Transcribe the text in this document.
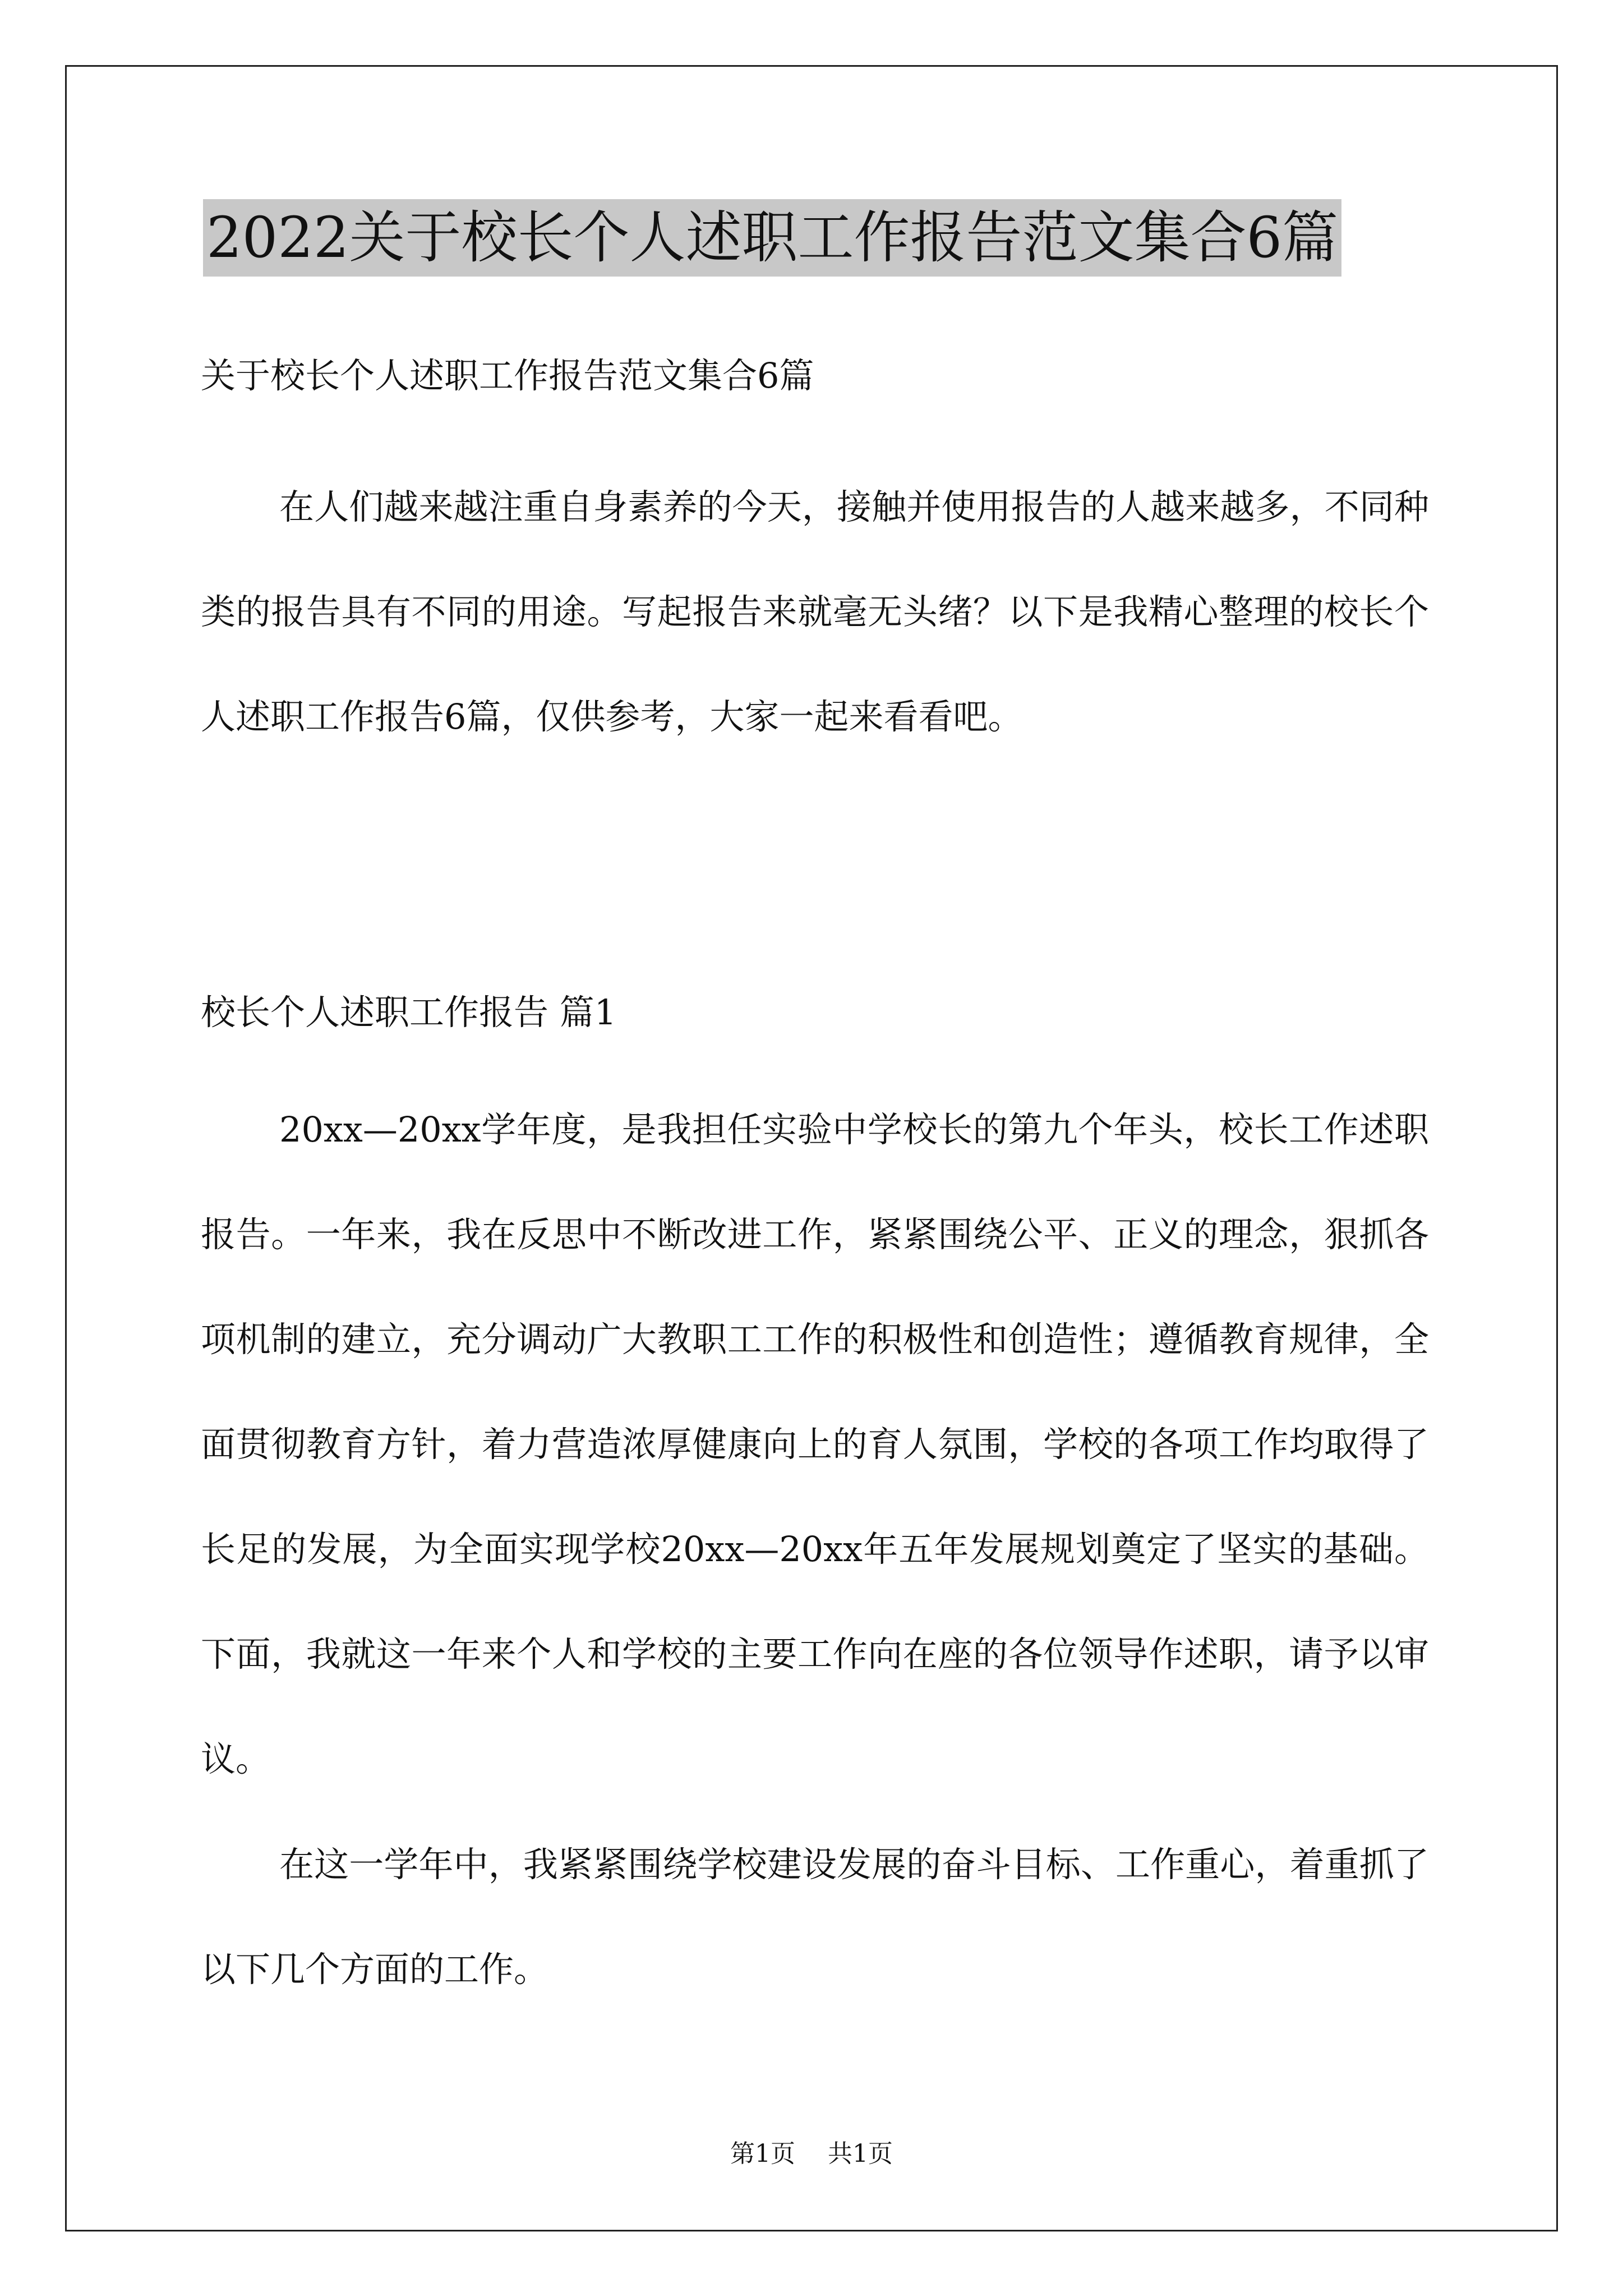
2022关于校长个人述职工作报告范文集合6篇
关于校长个人述职工作报告范文集合6篇

在人们越来越注重自身素养的今天，接触并使用报告的人越来越多，不同种类的报告具有不同的用途。写起报告来就毫无头绪？以下是我精心整理的校长个人述职工作报告6篇，仅供参考，大家一起来看看吧。

校长个人述职工作报告 篇1

20xx—20xx学年度，是我担任实验中学校长的第九个年头，校长工作述职报告。一年来，我在反思中不断改进工作，紧紧围绕公平、正义的理念，狠抓各项机制的建立，充分调动广大教职工工作的积极性和创造性；遵循教育规律，全面贯彻教育方针，着力营造浓厚健康向上的育人氛围，学校的各项工作均取得了长足的发展，为全面实现学校20xx—20xx年五年发展规划奠定了坚实的基础。下面，我就这一年来个人和学校的主要工作向在座的各位领导作述职，请予以审议。

在这一学年中，我紧紧围绕学校建设发展的奋斗目标、工作重心，着重抓了以下几个方面的工作。

第1页 共1页
